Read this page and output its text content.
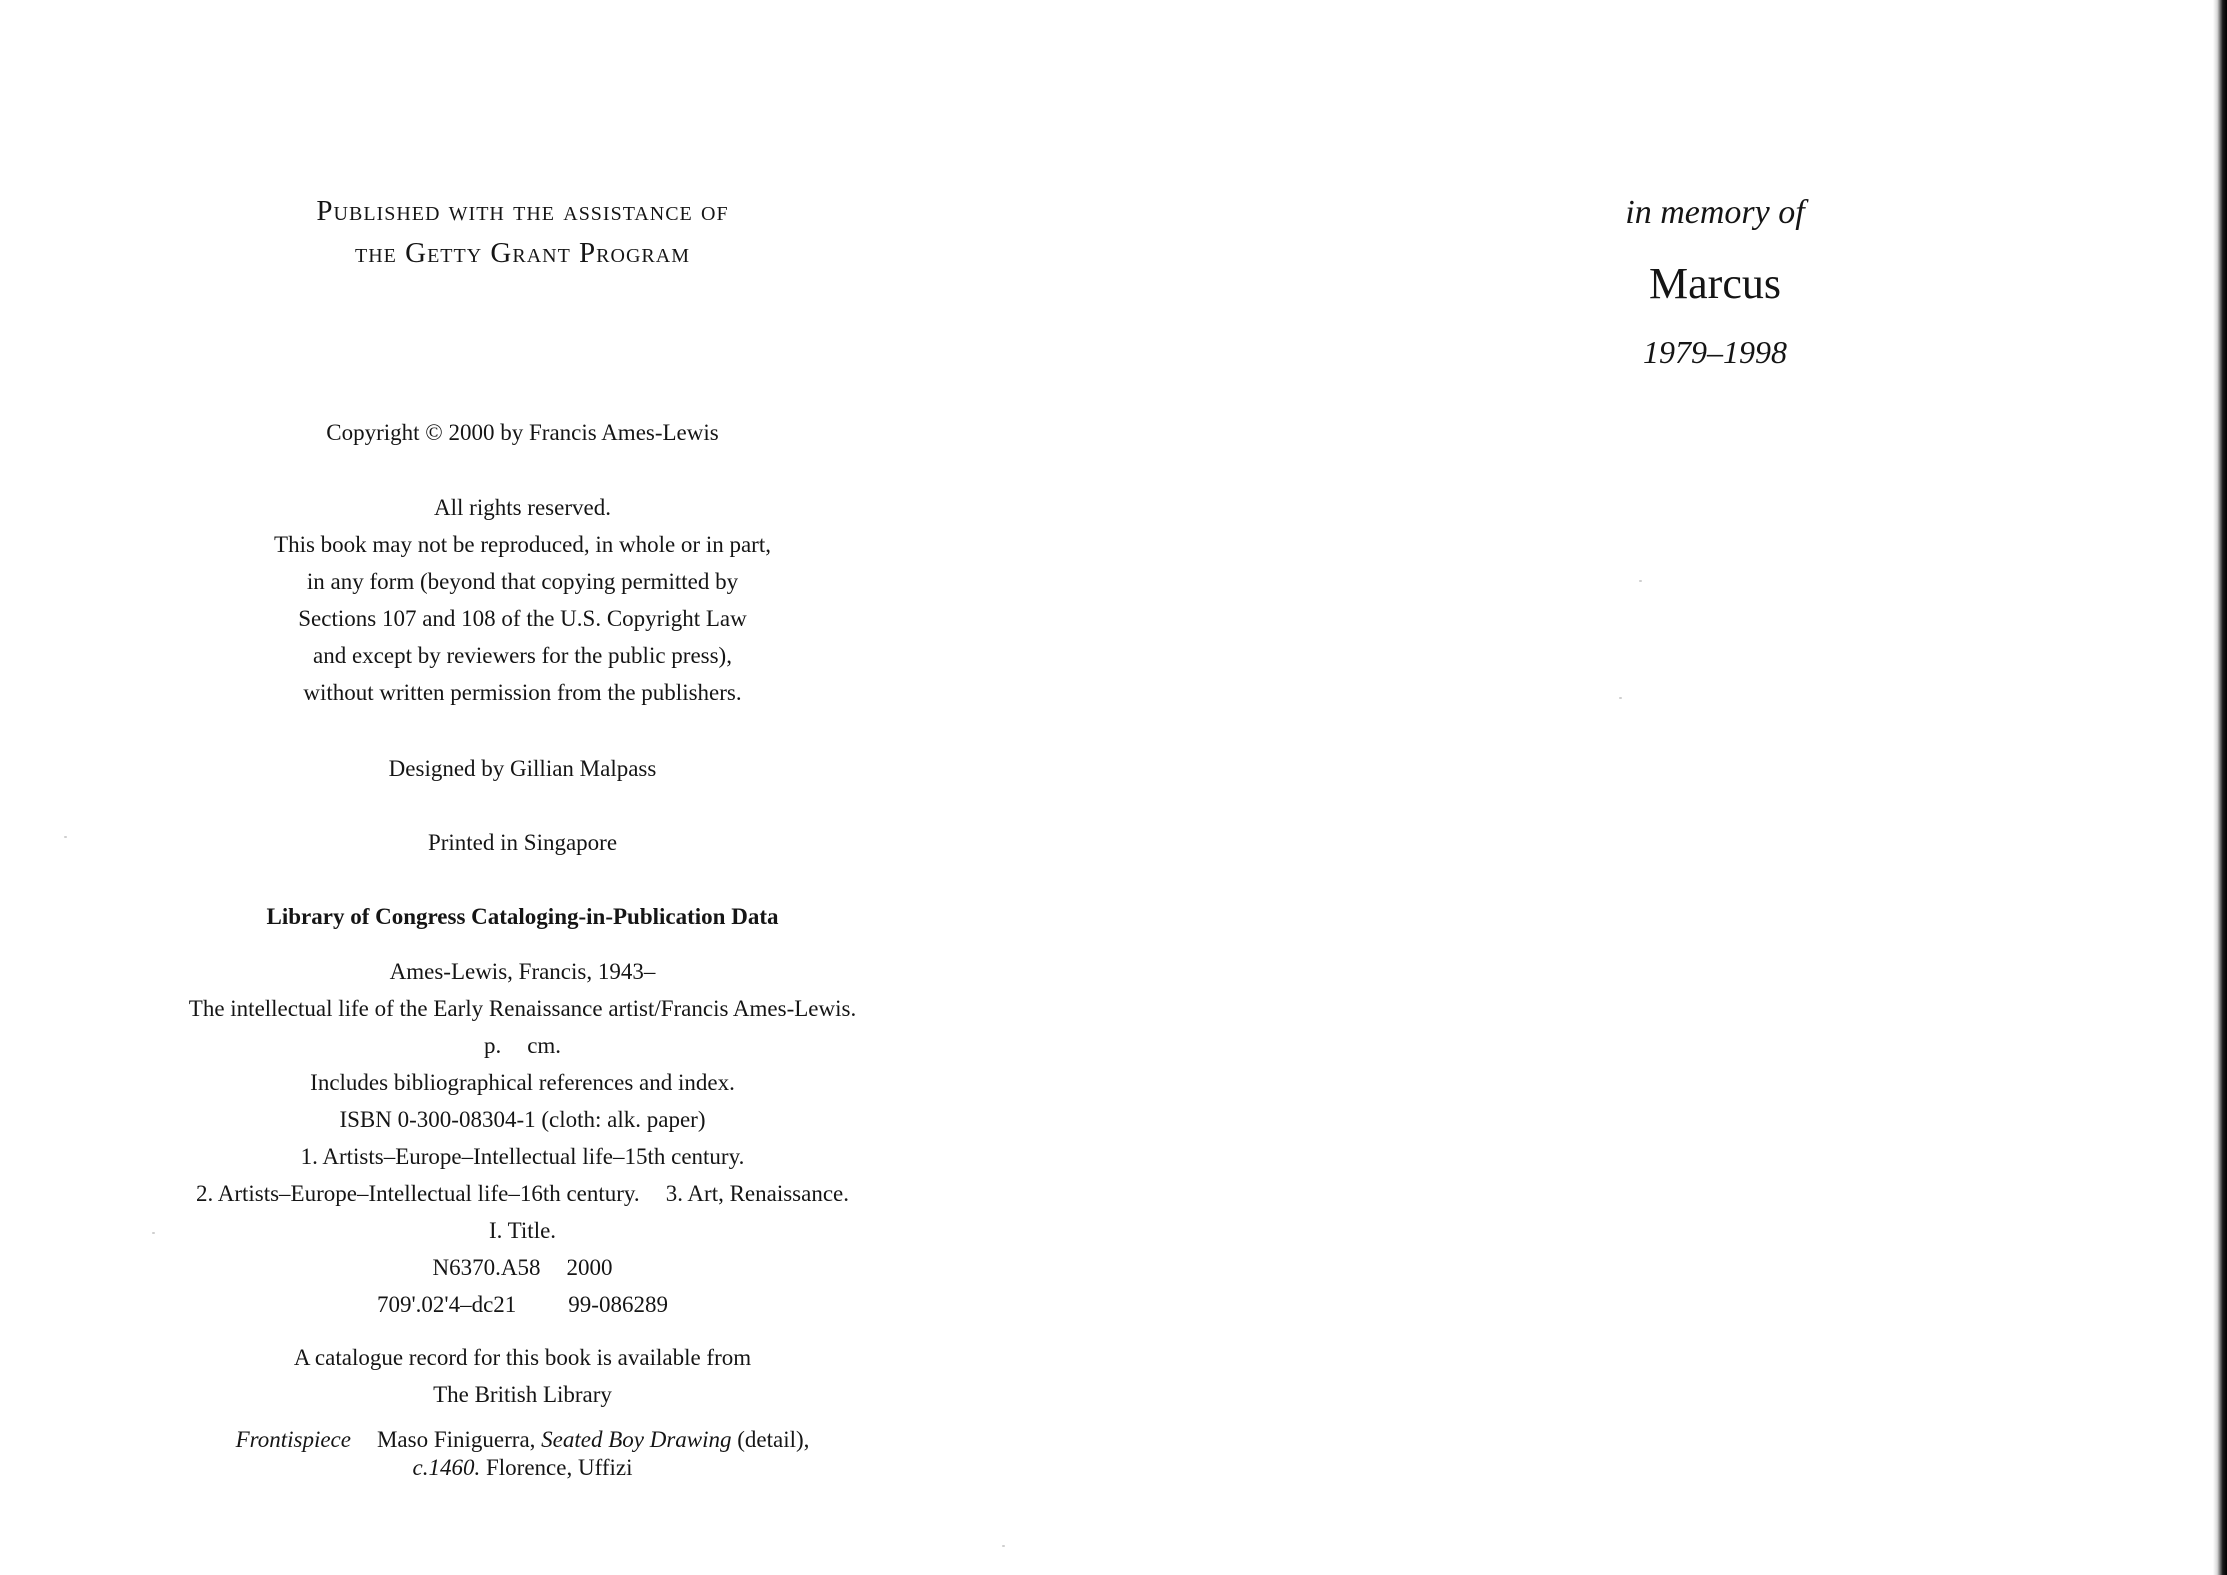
Published with the assistance of
the Getty Grant Program
Copyright © 2000 by Francis Ames-Lewis
All rights reserved.
This book may not be reproduced, in whole or in part,
in any form (beyond that copying permitted by
Sections 107 and 108 of the U.S. Copyright Law
and except by reviewers for the public press),
without written permission from the publishers.
Designed by Gillian Malpass
Printed in Singapore
Library of Congress Cataloging-in-Publication Data
Ames-Lewis, Francis, 1943–
The intellectual life of the Early Renaissance artist/Francis Ames-Lewis.
p. cm.
Includes bibliographical references and index.
ISBN 0-300-08304-1 (cloth: alk. paper)
1. Artists–Europe–Intellectual life–15th century.
2. Artists–Europe–Intellectual life–16th century. 3. Art, Renaissance.
I. Title.
N6370.A58 2000
709'.02'4–dc21 99-086289
A catalogue record for this book is available from
The British Library
Frontispiece Maso Finiguerra, Seated Boy Drawing (detail),
c.1460. Florence, Uffizi
in memory of
Marcus
1979–1998
